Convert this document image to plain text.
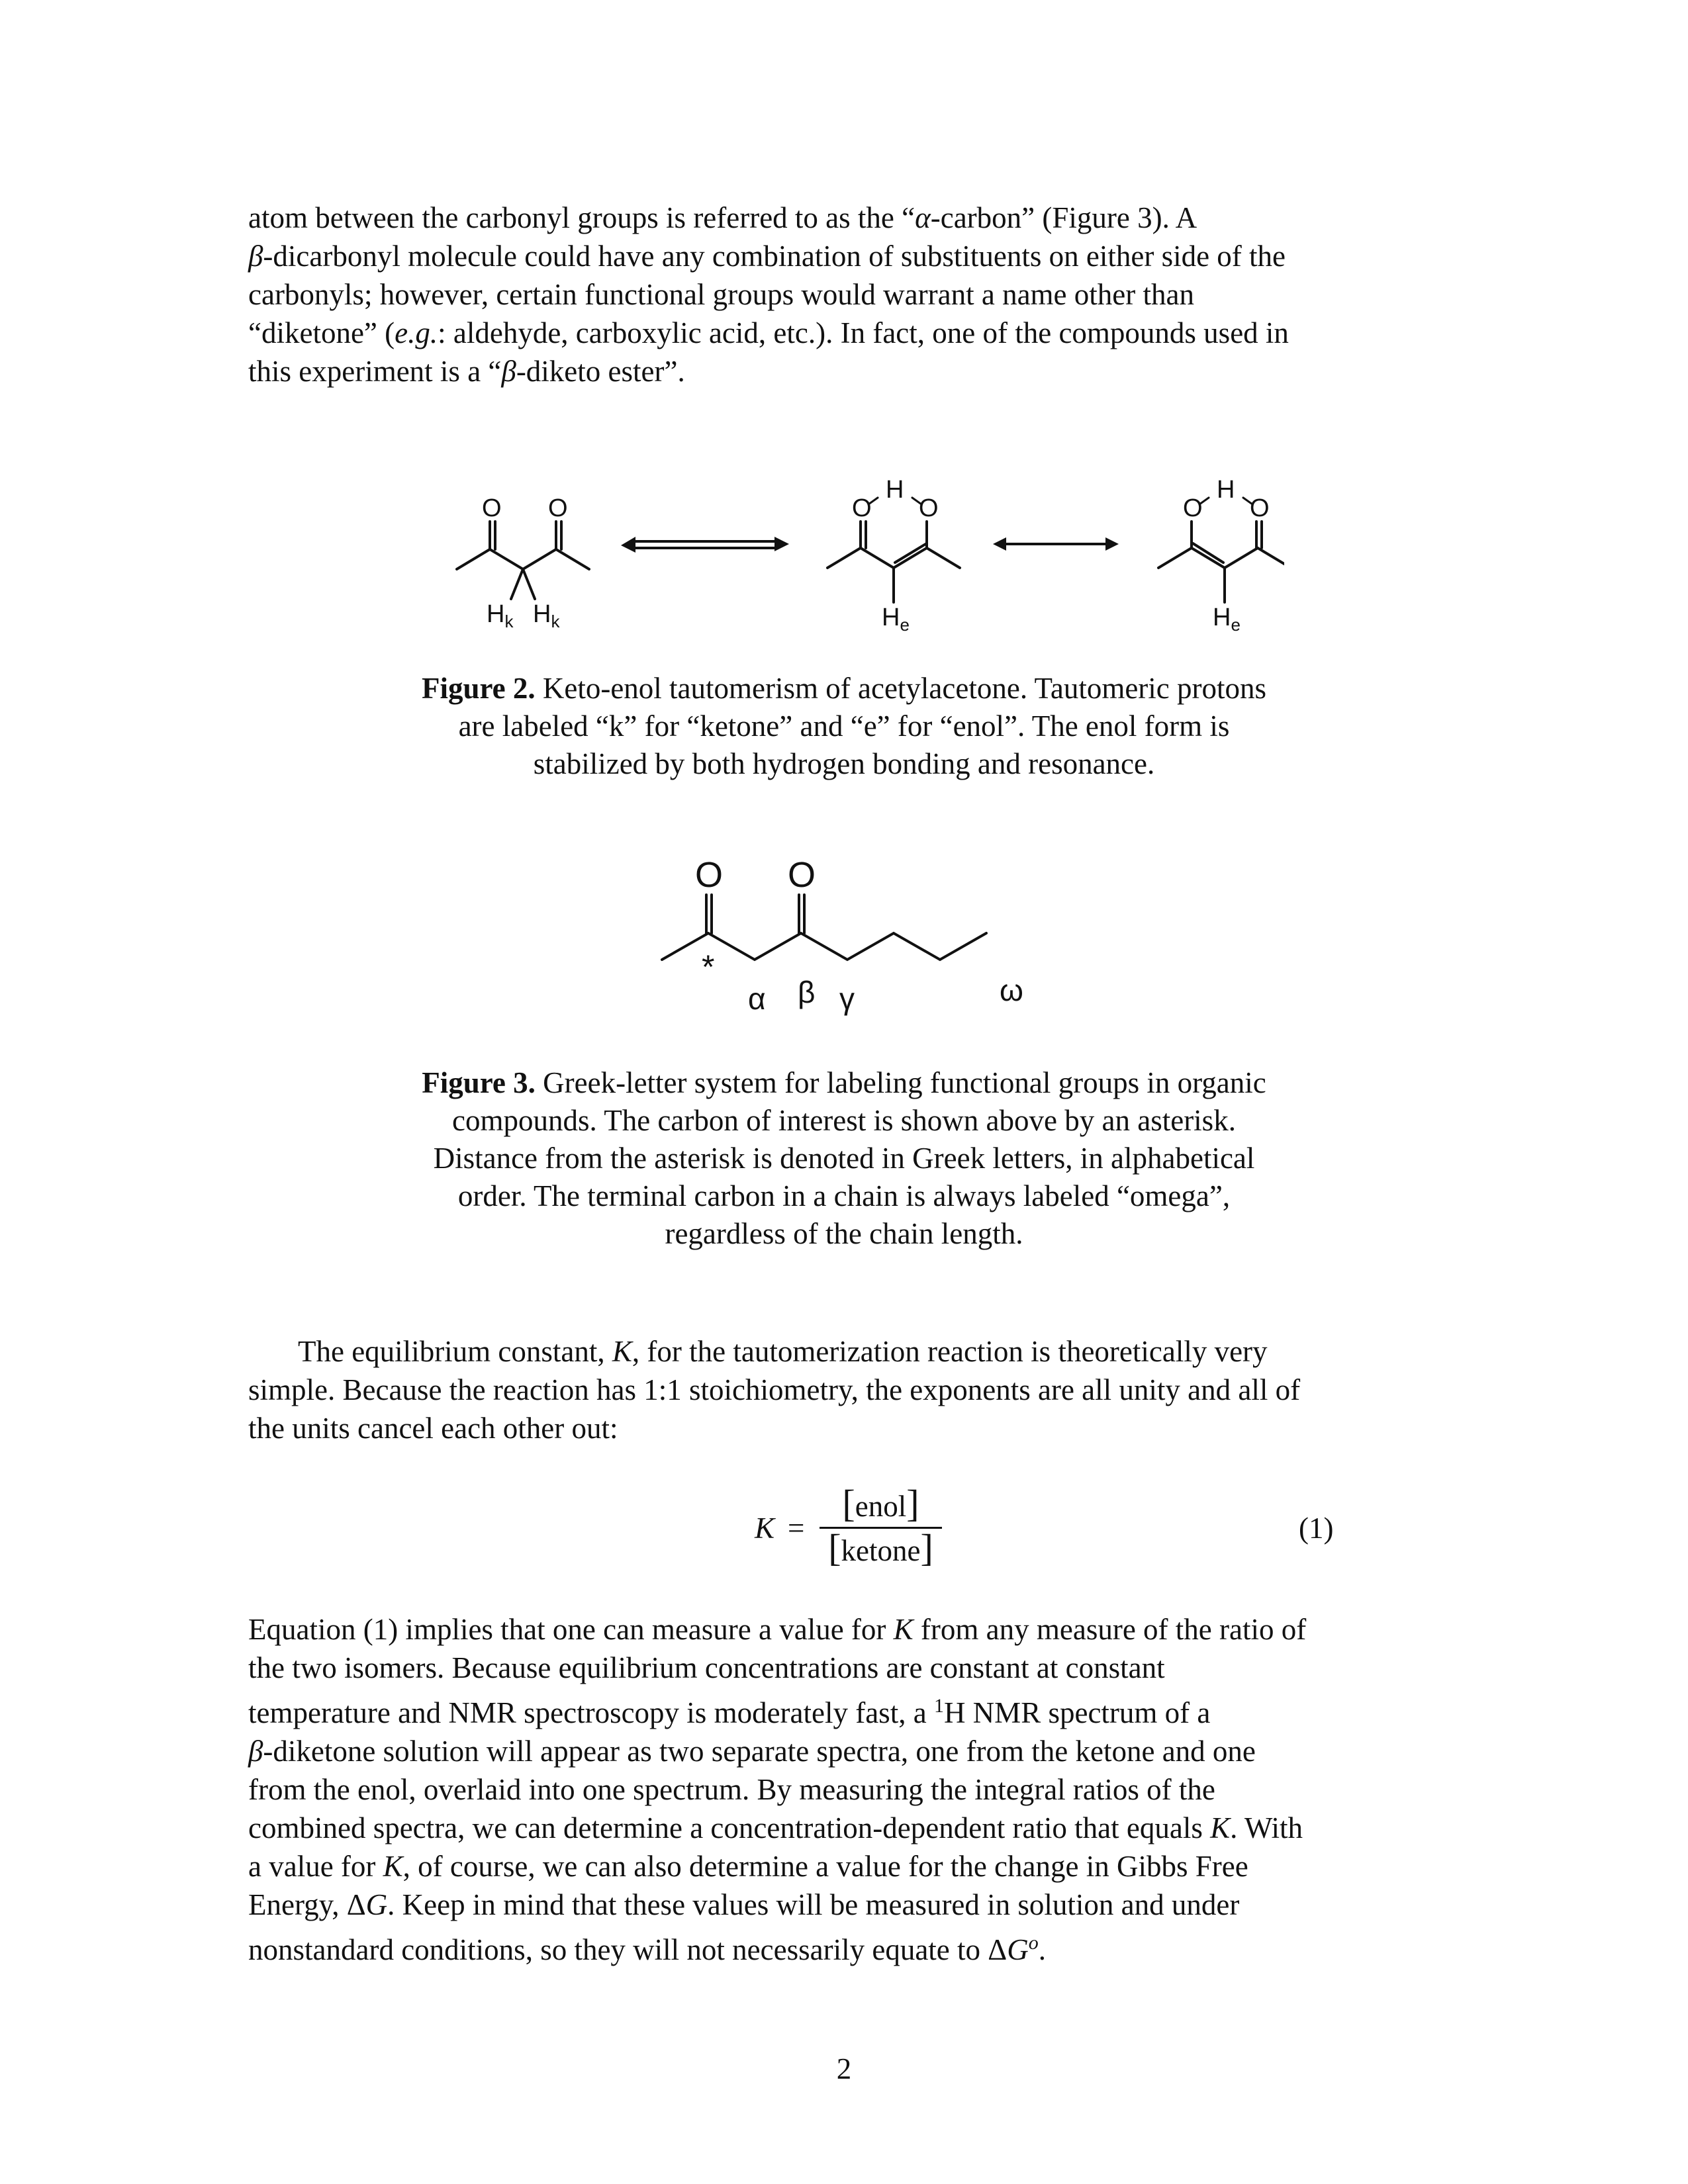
atom between the carbonyl groups is referred to as the “α-carbon” (Figure 3). A
β-dicarbonyl molecule could have any combination of substituents on either side of the
carbonyls; however, certain functional groups would warrant a name other than
“diketone” (e.g.: aldehyde, carboxylic acid, etc.). In fact, one of the compounds used in
this experiment is a “β-diketo ester”.
O O
$H_k$ $H_k$
O O
H
$H_e$
O O
H
$H_e$
Figure 2. Keto-enol tautomerism of acetylacetone. Tautomeric protons
are labeled “k” for “ketone” and “e” for “enol”. The enol form is
stabilized by both hydrogen bonding and resonance.
O O
*
α β γ	ω
Figure 3. Greek-letter system for labeling functional groups in organic
compounds. The carbon of interest is shown above by an asterisk.
Distance from the asterisk is denoted in Greek letters, in alphabetical
order. The terminal carbon in a chain is always labeled “omega”,
regardless of the chain length.
The equilibrium constant, K, for the tautomerization reaction is theoretically very
simple. Because the reaction has 1:1 stoichiometry, the exponents are all unity and all of
the units cancel each other out:
K =
[enol]
[ketone]	(1)
Equation (1) implies that one can measure a value for K from any measure of the ratio of
the two isomers. Because equilibrium concentrations are constant at constant
temperature and NMR spectroscopy is moderately fast, a $^1$H NMR spectrum of a
β-diketone solution will appear as two separate spectra, one from the ketone and one
from the enol, overlaid into one spectrum. By measuring the integral ratios of the
combined spectra, we can determine a concentration-dependent ratio that equals K. With
a value for K, of course, we can also determine a value for the change in Gibbs Free
Energy, ΔG. Keep in mind that these values will be measured in solution and under
nonstandard conditions, so they will not necessarily equate to $\Delta G^o$.
2
